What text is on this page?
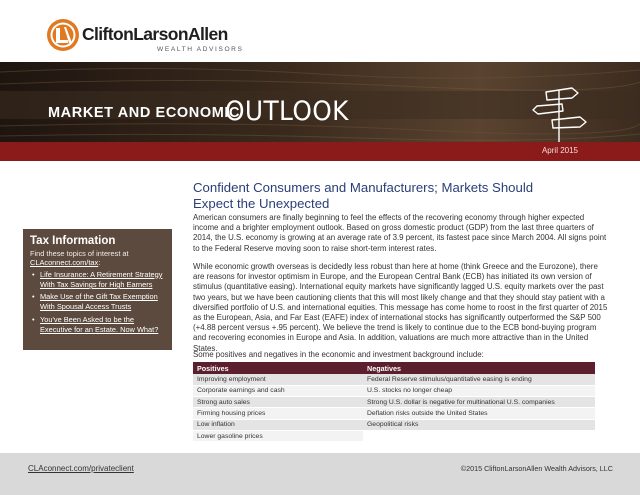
CliftonLarsonAllen
WEALTH ADVISORS
MARKET AND ECONOMIC
OUTLOOK
April 2015
Tax Information
Find these topics of interest at
CLAconnect.com/tax:
• Life Insurance: A Retirement Strategy With Tax Savings for High Earners
• Make Use of the Gift Tax Exemption With Spousal Access Trusts
• You've Been Asked to be the Executive for an Estate. Now What?
Confident Consumers and Manufacturers; Markets Should Expect the Unexpected

American consumers are finally beginning to feel the effects of the recovering economy through higher expected income and a brighter employment outlook. Based on gross domestic product (GDP) from the last three quarters of 2014, the U.S. economy is growing at an average rate of 3.9 percent, its fastest pace since March 2004. All signs point to the Federal Reserve moving soon to raise short-term interest rates.

While economic growth overseas is decidedly less robust than here at home (think Greece and the Eurozone), there are reasons for investor optimism in Europe, and the European Central Bank (ECB) has initiated its own version of stimulus (quantitative easing). International equity markets have significantly lagged U.S. equity markets over the past two years, but we have been cautioning clients that this will most likely change and that they should stay patient with a diversified portfolio of U.S. and international equities. This message has come home to roost in the first quarter of 2015 as the European, Asia, and Far East (EAFE) index of international stocks has significantly outperformed the S&P 500 (+4.88 percent versus +.95 percent). We believe the trend is likely to continue due to the ECB bond-buying program and recovering economies in Europe and Asia. In addition, valuations are much more attractive than in the United States.

Some positives and negatives in the economic and investment background include:

Positives	Negatives
Improving employment	Federal Reserve stimulus/quantitative easing is ending
Corporate earnings and cash	U.S. stocks no longer cheap
Strong auto sales	Strong U.S. dollar is negative for multinational U.S. companies
Firming housing prices	Deflation risks outside the United States
Low inflation	Geopolitical risks
Lower gasoline prices	
CLAconnect.com/privateclient	©2015 CliftonLarsonAllen Wealth Advisors, LLC
